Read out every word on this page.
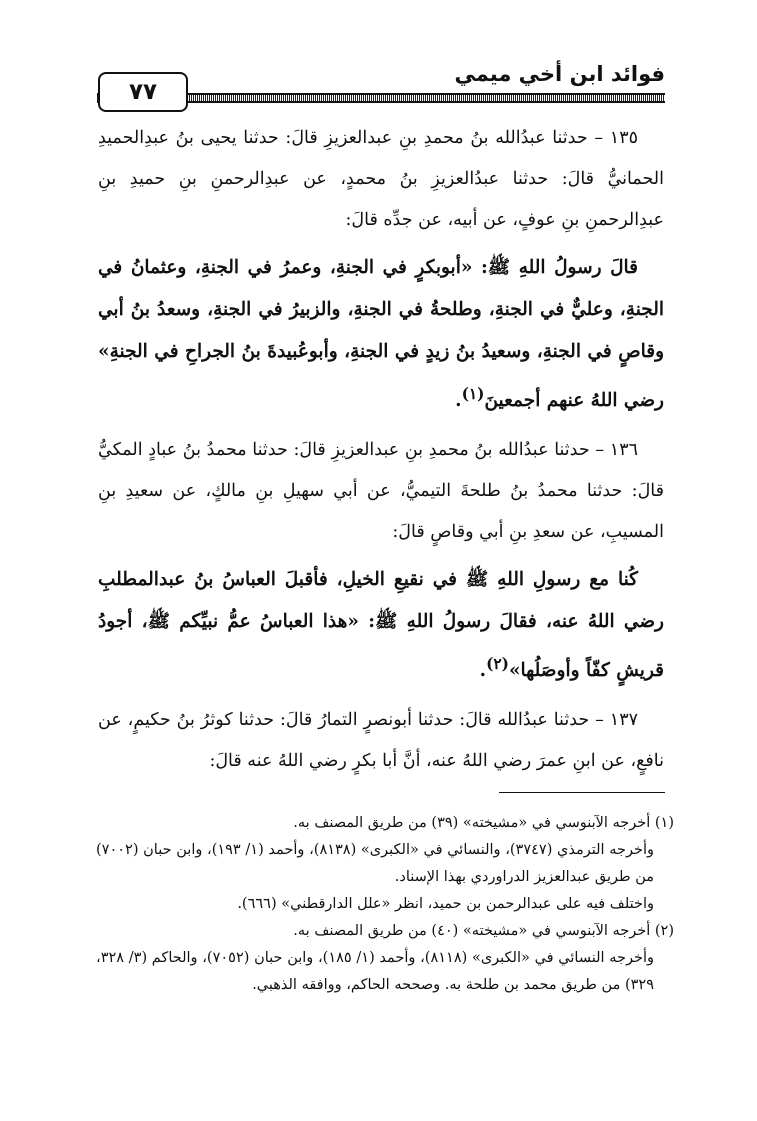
فوائد ابن أخي ميمي
٧٧

١٣٥ – حدثنا عبدُالله بنُ محمدِ بنِ عبدالعزيزِ قالَ: حدثنا يحيى بنُ عبدِالحميدِ الحمانيُّ قالَ: حدثنا عبدُالعزيزِ بنُ محمدٍ، عن عبدِالرحمنِ بنِ حميدِ بنِ عبدِالرحمنِ بنِ عوفٍ، عن أبيه، عن جدِّه قالَ:

قالَ رسولُ اللهِ ﷺ: «أبوبكرٍ في الجنةِ، وعمرُ في الجنةِ، وعثمانُ في الجنةِ، وعليٌّ في الجنةِ، وطلحةُ في الجنةِ، والزبيرُ في الجنةِ، وسعدُ بنُ أبي وقاصٍ في الجنةِ، وسعيدُ بنُ زيدٍ في الجنةِ، وأبوعُبيدةَ بنُ الجراحِ في الجنةِ» رضي اللهُ عنهم أجمعينَ$^{(١)}$.

١٣٦ – حدثنا عبدُالله بنُ محمدِ بنِ عبدالعزيزِ قالَ: حدثنا محمدُ بنُ عبادٍ المكيُّ قالَ: حدثنا محمدُ بنُ طلحةَ التيميُّ، عن أبي سهيلِ بنِ مالكٍ، عن سعيدِ بنِ المسيبِ، عن سعدِ بنِ أبي وقاصٍ قالَ:

كُنا مع رسولِ اللهِ ﷺ في نقيعِ الخيلِ، فأقبلَ العباسُ بنُ عبدالمطلبِ رضي اللهُ عنه، فقالَ رسولُ اللهِ ﷺ: «هذا العباسُ عمُّ نبيِّكم ﷺ، أجودُ قريشٍ كفّاً وأوصَلُها»$^{(٢)}$.

١٣٧ – حدثنا عبدُالله قالَ: حدثنا أبونصرٍ التمارُ قالَ: حدثنا كوثرُ بنُ حكيمٍ، عن نافعٍ، عن ابنِ عمرَ رضي اللهُ عنه، أنَّ أبا بكرٍ رضي اللهُ عنه قالَ:

(١) أخرجه الآبنوسي في «مشيخته» (٣٩) من طريق المصنف به.

وأخرجه الترمذي (٣٧٤٧)، والنسائي في «الكبرى» (٨١٣٨)، وأحمد (١/ ١٩٣)، وابن حبان (٧٠٠٢) من طريق عبدالعزيز الدراوردي بهذا الإسناد.

واختلف فيه على عبدالرحمن بن حميد، انظر «علل الدارقطني» (٦٦٦).

(٢) أخرجه الآبنوسي في «مشيخته» (٤٠) من طريق المصنف به.

وأخرجه النسائي في «الكبرى» (٨١١٨)، وأحمد (١/ ١٨٥)، وابن حبان (٧٠٥٢)، والحاكم (٣/ ٣٢٨، ٣٢٩) من طريق محمد بن طلحة به. وصححه الحاكم، ووافقه الذهبي.
